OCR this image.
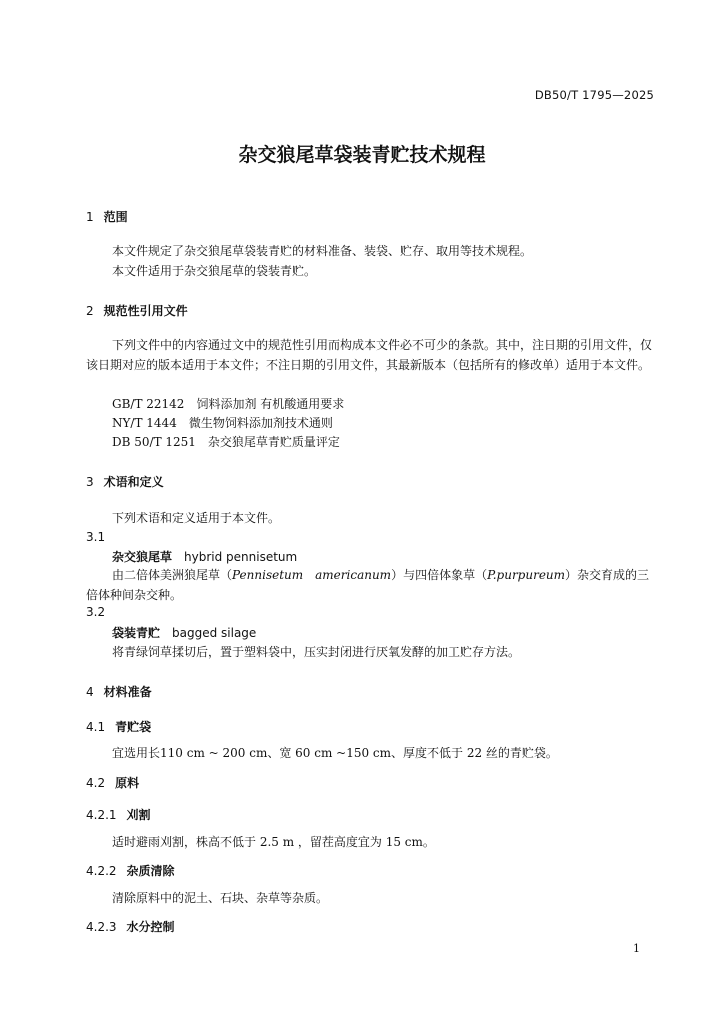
DB50/T 1795—2025
杂交狼尾草袋装青贮技术规程
1 范围
本文件规定了杂交狼尾草袋装青贮的材料准备、装袋、贮存、取用等技术规程。
本文件适用于杂交狼尾草的袋装青贮。
2 规范性引用文件
下列文件中的内容通过文中的规范性引用而构成本文件必不可少的条款。其中，注日期的引用文件，仅该日期对应的版本适用于本文件；不注日期的引用文件，其最新版本（包括所有的修改单）适用于本文件。
GB/T 22142　饲料添加剂 有机酸通用要求
NY/T 1444　微生物饲料添加剂技术通则
DB 50/T 1251　杂交狼尾草青贮质量评定
3 术语和定义
下列术语和定义适用于本文件。
3.1
杂交狼尾草 hybrid pennisetum
由二倍体美洲狼尾草（Pennisetum　americanum）与四倍体象草（P.purpureum）杂交育成的三倍体种间杂交种。
3.2
袋装青贮 bagged silage
将青绿饲草揉切后，置于塑料袋中，压实封闭进行厌氧发酵的加工贮存方法。
4 材料准备
4.1 青贮袋
宜选用长110 cm ~ 200 cm、宽 60 cm ~150 cm、厚度不低于 22 丝的青贮袋。
4.2 原料
4.2.1 刈割
适时避雨刈割，株高不低于 2.5 m ，留茬高度宜为 15 cm。
4.2.2 杂质清除
清除原料中的泥土、石块、杂草等杂质。
4.2.3 水分控制
1
